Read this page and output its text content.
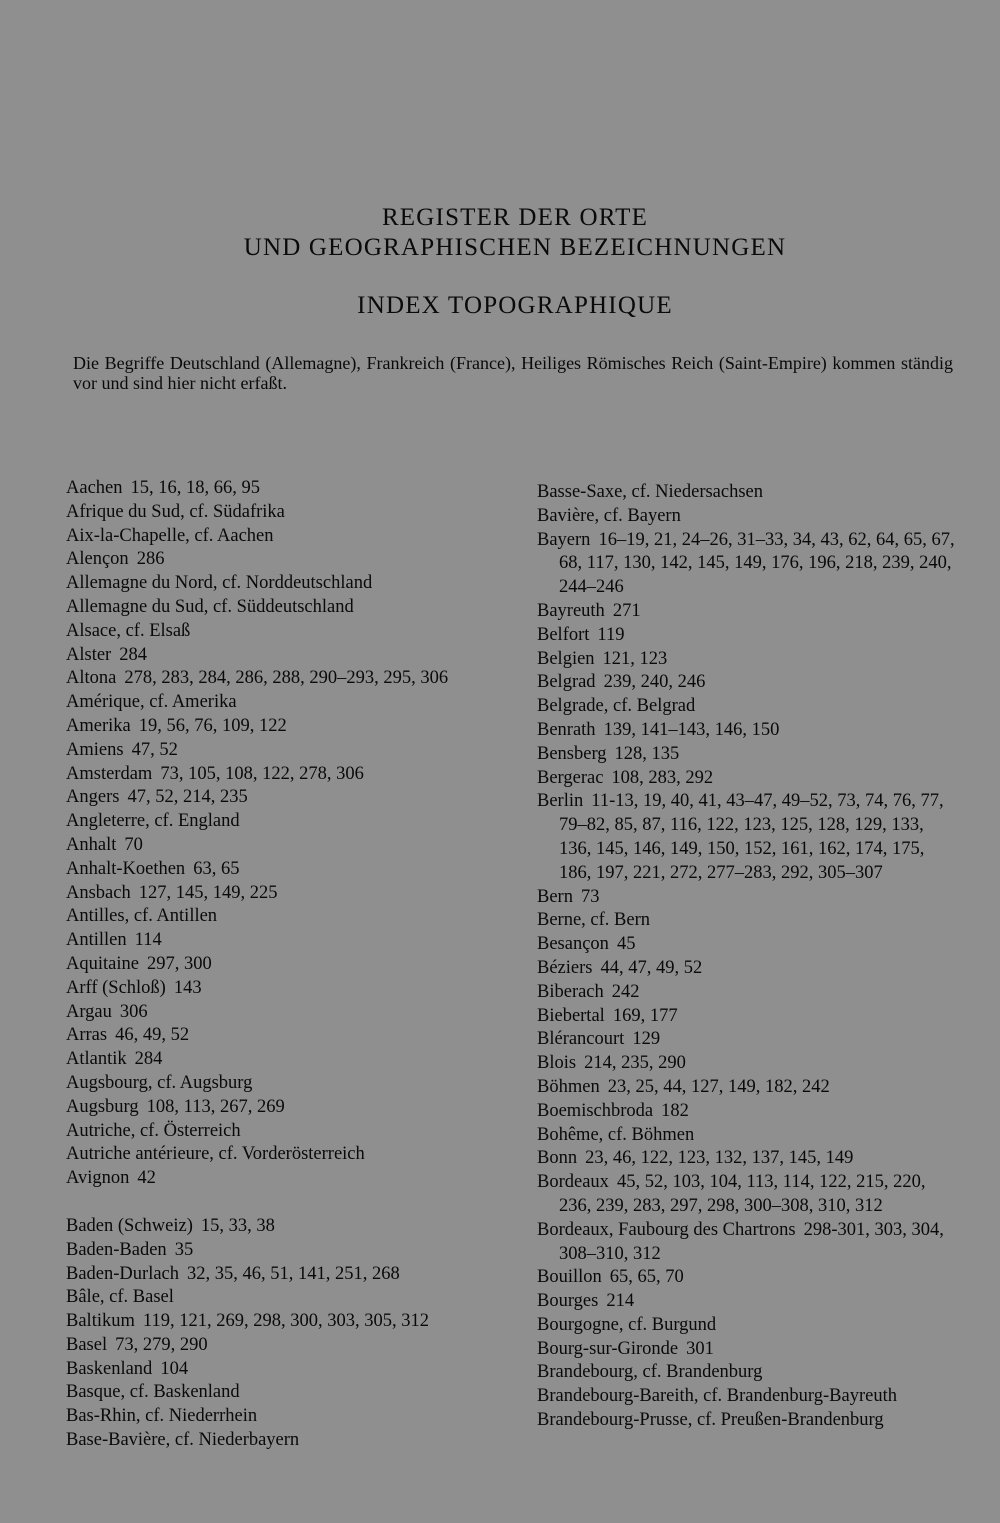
REGISTER DER ORTE
UND GEOGRAPHISCHEN BEZEICHNUNGEN
INDEX TOPOGRAPHIQUE
Die Begriffe Deutschland (Allemagne), Frankreich (France), Heiliges Römisches Reich (Saint-Empire) kommen ständig vor und sind hier nicht erfaßt.
Aachen 15, 16, 18, 66, 95
Afrique du Sud, cf. Südafrika
Aix-la-Chapelle, cf. Aachen
Alençon 286
Allemagne du Nord, cf. Norddeutschland
Allemagne du Sud, cf. Süddeutschland
Alsace, cf. Elsaß
Alster 284
Altona 278, 283, 284, 286, 288, 290–293, 295, 306
Amérique, cf. Amerika
Amerika 19, 56, 76, 109, 122
Amiens 47, 52
Amsterdam 73, 105, 108, 122, 278, 306
Angers 47, 52, 214, 235
Angleterre, cf. England
Anhalt 70
Anhalt-Koethen 63, 65
Ansbach 127, 145, 149, 225
Antilles, cf. Antillen
Antillen 114
Aquitaine 297, 300
Arff (Schloß) 143
Argau 306
Arras 46, 49, 52
Atlantik 284
Augsbourg, cf. Augsburg
Augsburg 108, 113, 267, 269
Autriche, cf. Österreich
Autriche antérieure, cf. Vorderösterreich
Avignon 42
Baden (Schweiz) 15, 33, 38
Baden-Baden 35
Baden-Durlach 32, 35, 46, 51, 141, 251, 268
Bâle, cf. Basel
Baltikum 119, 121, 269, 298, 300, 303, 305, 312
Basel 73, 279, 290
Baskenland 104
Basque, cf. Baskenland
Bas-Rhin, cf. Niederrhein
Base-Bavière, cf. Niederbayern
Basse-Saxe, cf. Niedersachsen
Bavière, cf. Bayern
Bayern 16–19, 21, 24–26, 31–33, 34, 43, 62, 64, 65, 67, 68, 117, 130, 142, 145, 149, 176, 196, 218, 239, 240, 244–246
Bayreuth 271
Belfort 119
Belgien 121, 123
Belgrad 239, 240, 246
Belgrade, cf. Belgrad
Benrath 139, 141–143, 146, 150
Bensberg 128, 135
Bergerac 108, 283, 292
Berlin 11-13, 19, 40, 41, 43–47, 49–52, 73, 74, 76, 77, 79–82, 85, 87, 116, 122, 123, 125, 128, 129, 133, 136, 145, 146, 149, 150, 152, 161, 162, 174, 175, 186, 197, 221, 272, 277–283, 292, 305–307
Bern 73
Berne, cf. Bern
Besançon 45
Béziers 44, 47, 49, 52
Biberach 242
Biebertal 169, 177
Blérancourt 129
Blois 214, 235, 290
Böhmen 23, 25, 44, 127, 149, 182, 242
Boemischbroda 182
Bohême, cf. Böhmen
Bonn 23, 46, 122, 123, 132, 137, 145, 149
Bordeaux 45, 52, 103, 104, 113, 114, 122, 215, 220, 236, 239, 283, 297, 298, 300–308, 310, 312
Bordeaux, Faubourg des Chartrons 298-301, 303, 304, 308–310, 312
Bouillon 65, 65, 70
Bourges 214
Bourgogne, cf. Burgund
Bourg-sur-Gironde 301
Brandebourg, cf. Brandenburg
Brandebourg-Bareith, cf. Brandenburg-Bayreuth
Brandebourg-Prusse, cf. Preußen-Brandenburg
